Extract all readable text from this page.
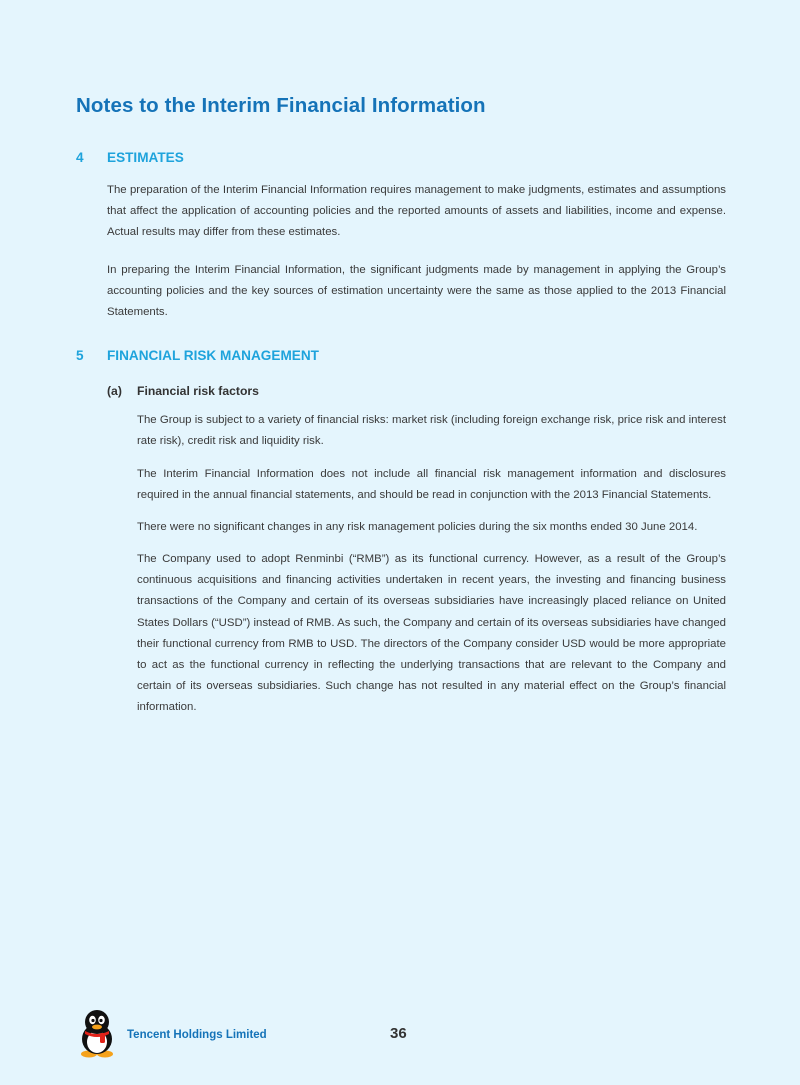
Notes to the Interim Financial Information
4 ESTIMATES

The preparation of the Interim Financial Information requires management to make judgments, estimates and assumptions that affect the application of accounting policies and the reported amounts of assets and liabilities, income and expense. Actual results may differ from these estimates.

In preparing the Interim Financial Information, the significant judgments made by management in applying the Group’s accounting policies and the key sources of estimation uncertainty were the same as those applied to the 2013 Financial Statements.

5 FINANCIAL RISK MANAGEMENT
(a) Financial risk factors

The Group is subject to a variety of financial risks: market risk (including foreign exchange risk, price risk and interest rate risk), credit risk and liquidity risk.

The Interim Financial Information does not include all financial risk management information and disclosures required in the annual financial statements, and should be read in conjunction with the 2013 Financial Statements.

There were no significant changes in any risk management policies during the six months ended 30 June 2014.

The Company used to adopt Renminbi (“RMB”) as its functional currency. However, as a result of the Group’s continuous acquisitions and financing activities undertaken in recent years, the investing and financing business transactions of the Company and certain of its overseas subsidiaries have increasingly placed reliance on United States Dollars (“USD”) instead of RMB. As such, the Company and certain of its overseas subsidiaries have changed their functional currency from RMB to USD. The directors of the Company consider USD would be more appropriate to act as the functional currency in reflecting the underlying transactions that are relevant to the Company and certain of its overseas subsidiaries. Such change has not resulted in any material effect on the Group’s financial information.

Tencent Holdings Limited	36
